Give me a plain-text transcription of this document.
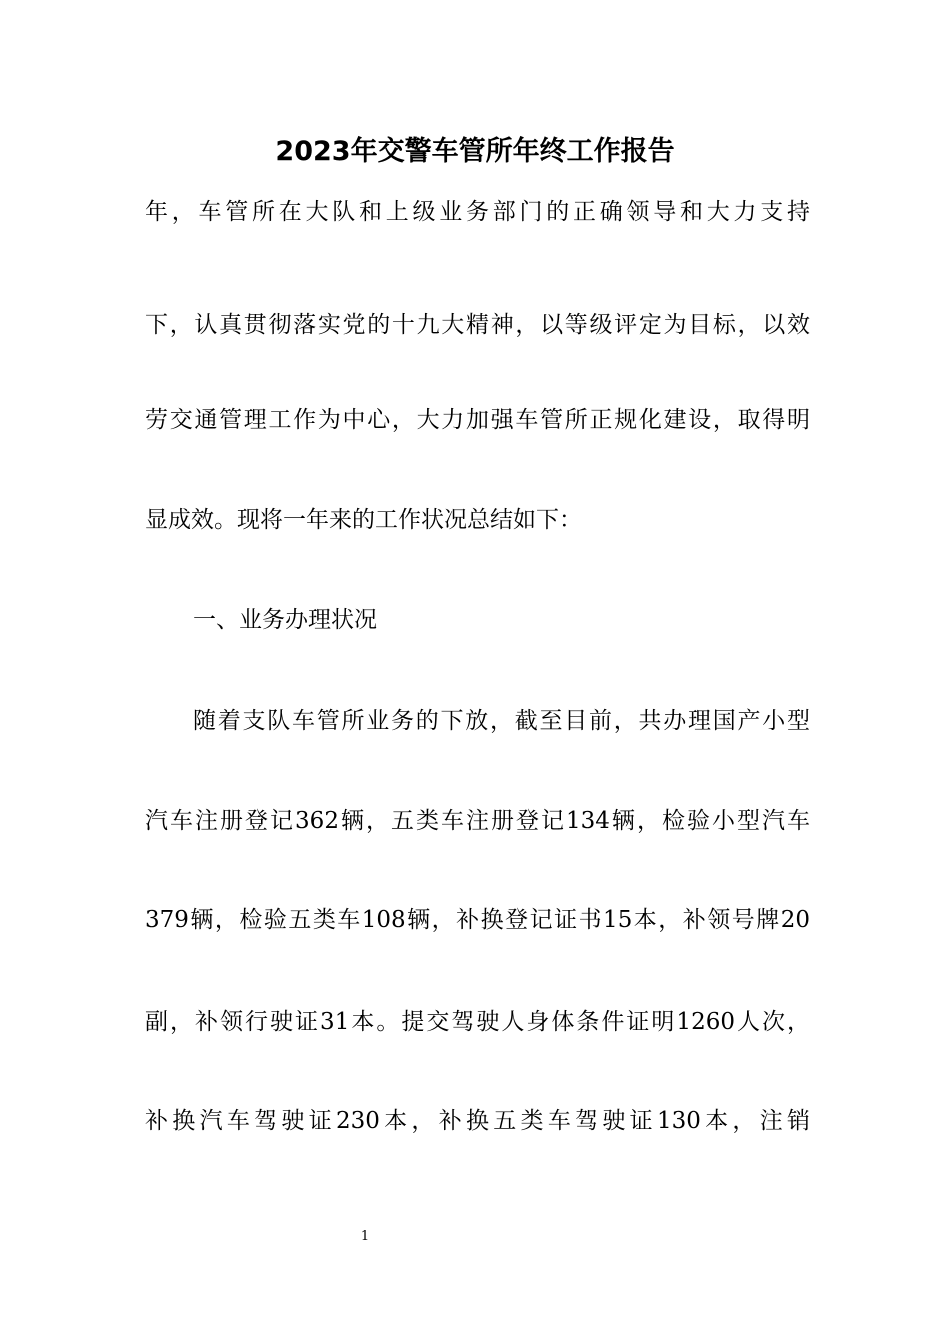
2023年交警车管所年终工作报告
年，车管所在大队和上级业务部门的正确领导和大力支持
下，认真贯彻落实党的十九大精神，以等级评定为目标，以效
劳交通管理工作为中心，大力加强车管所正规化建设，取得明
显成效。现将一年来的工作状况总结如下：
一、业务办理状况
随着支队车管所业务的下放，截至目前，共办理国产小型
汽车注册登记362辆，五类车注册登记134辆，检验小型汽车
379辆，检验五类车108辆，补换登记证书15本，补领号牌20
副，补领行驶证31本。提交驾驶人身体条件证明1260人次，
补换汽车驾驶证230本，补换五类车驾驶证130本，注销
1
